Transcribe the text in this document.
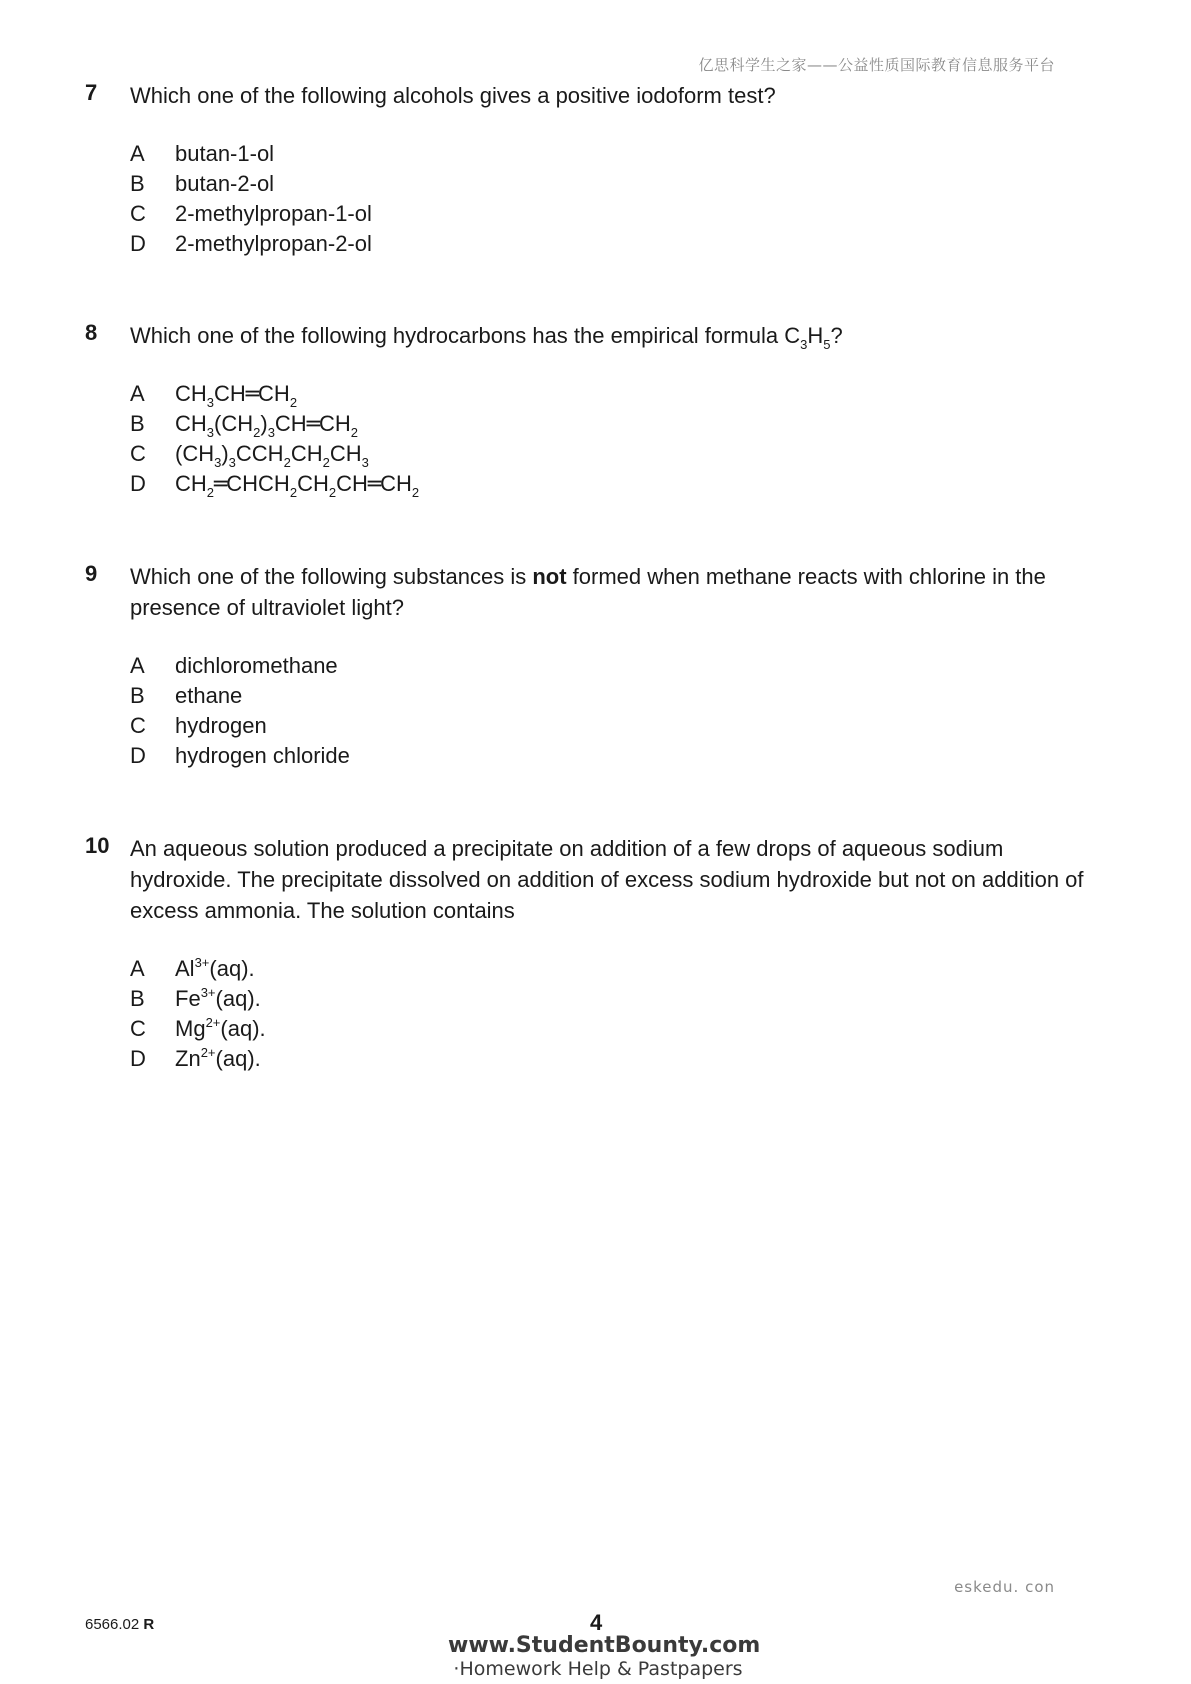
亿思科学生之家——公益性质国际教育信息服务平台
7 Which one of the following alcohols gives a positive iodoform test?
A	butan-1-ol
B	butan-2-ol
C	2-methylpropan-1-ol
D	2-methylpropan-2-ol
8 Which one of the following hydrocarbons has the empirical formula $C_3H_5$?
A	$CH_3CH═CH_2$
B	$CH_3(CH_2)_3CH═CH_2$
C	$(CH_3)_3CCH_2CH_2CH_3$
D	$CH_2═CHCH_2CH_2CH═CH_2$
9 Which one of the following substances is not formed when methane reacts with chlorine in the presence of ultraviolet light?
A	dichloromethane
B	ethane
C	hydrogen
D	hydrogen chloride
10 An aqueous solution produced a precipitate on addition of a few drops of aqueous sodium hydroxide. The precipitate dissolved on addition of excess sodium hydroxide but not on addition of excess ammonia. The solution contains
A	$Al^{3+}(aq)$.
B	$Fe^{3+}(aq)$.
C	$Mg^{2+}(aq)$.
D	$Zn^{2+}(aq)$.
eskedu. con
6566.02 R	4
www.StudentBounty.com
·Homework Help & Pastpapers
